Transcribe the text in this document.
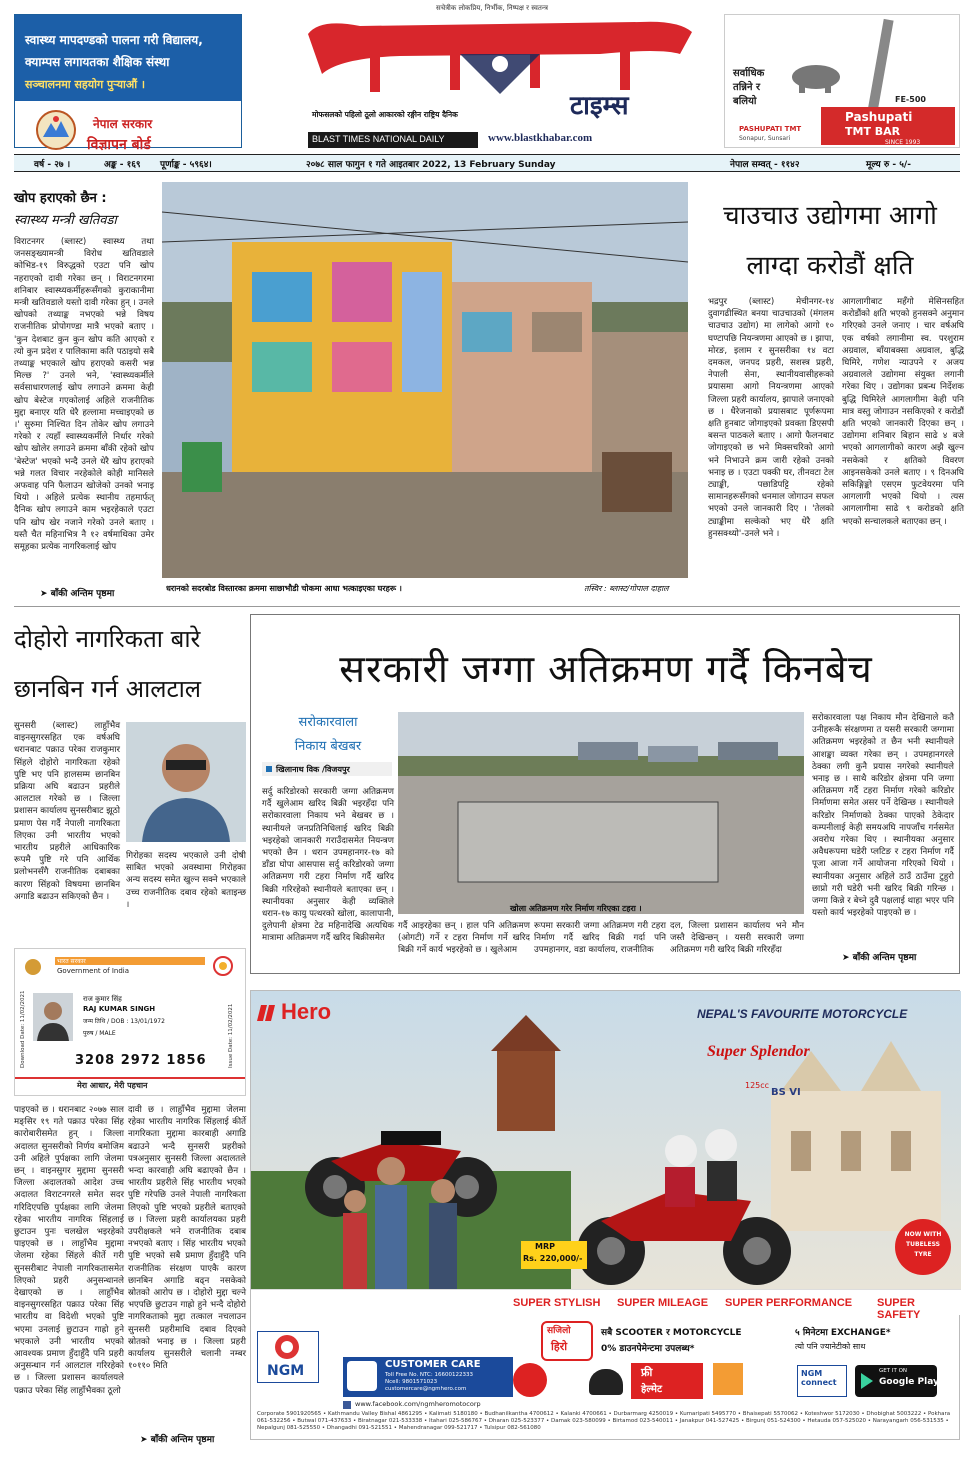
स्वास्थ्य मापदण्डको पालना गरी विद्यालय,
क्याम्पस लगायतका शैक्षिक संस्था
सञ्चालनमा सहयोग पुऱ्याऔं ।
नेपाल सरकार
विज्ञापन बोर्ड
सचेत्रीक लोकप्रिय, निर्भीक, निष्पक्ष र स्वतन्त्र
टाइम्स
मोफसलको पहिलो ठूलो आकारको रङ्गीन राष्ट्रिय दैनिक
BLAST TIMES NATIONAL DAILY	www.blastkhabar.com
सर्वाधिक
तन्निने र
बलियो	FE-500
PASHUPATI TMT
Sonapur, Sunsari
Pashupati
TMT BAR
SINCE 1993
वर्ष - २७ ।	अङ्क - १६९ पूर्णाङ्क - ५९६४।	२०७८ साल फागुन १ गते आइतबार 2022, 13 February Sunday	नेपाल सम्वत् - ११४२	मूल्य रु - ५/-
खोप हराएको छैन :
स्वास्थ्य मन्त्री खतिवडा
विराटनगर (ब्लास्ट) स्वास्थ्य तथा जनसङ्ख्यामन्त्री विरोध खतिवडाले कोभिड-१९ विरुद्धको एउटा पनि खोप नहराएको दावी गरेका छन् । विराटनगरमा शनिबार स्वास्थ्यकर्मीहरूसँगको कुराकानीमा मन्त्री खतिवडाले यस्तो दावी गरेका हुन् । उनले खोपको तथ्याङ्क नभएको भन्ने विषय राजनीतिक प्रोपोगण्डा मात्रै भएको बताए । 'कुन देशबाट कुन कुन खोप कति आएको र त्यो कुन प्रदेश र पालिकामा कति पठाइयो सबै तथ्याङ्क भएकाले खोप हराएको कसरी भन्न मिल्छ ?' उनले भने, 'स्वास्थ्यकर्मीले सर्वसाधारणलाई खोप लगाउने क्रममा केही खोप बेस्टेज गएकोलाई अहिले राजनीतिक मुद्दा बनाएर यति धेरै हल्लामा मच्चाइएको छ ।' सुरुमा निश्चित दिन तोकेर खोप लगाउने गरेको र त्यहाँ स्वास्थ्यकर्मीले निर्धार गरेको खोप खोलेर लगाउने क्रममा बाँकी रहेको खोप 'बेस्टेज' भएको भन्दै उनले धेरै खोप हराएको भन्ने गलत विचार नरहेकोले कोही मानिसले अफवाह पनि फैलाउन खोजेको उनको भनाइ थियो । अहिले प्रत्येक स्थानीय तहमार्फत् दैनिक खोप लगाउने काम भइरहेकाले एउटा पनि खोप खेर नजाने गरेको उनले बताए । यस्तै चैत महिनाभित्र नै १२ वर्षमाथिका उमेर समूहका प्रत्येक नागरिकलाई खोप
➤ बाँकी अन्तिम पृष्ठमा
धरानको सदरबोड विस्तारका क्रममा साछाभौडी चोकमा आधा भत्काइएका घरहरू ।	तस्विर : ब्लास्ट/गोपाल दाहाल
चाउचाउ उद्योगमा आगो
लाग्दा करोडौं क्षति
भद्रपुर (ब्लास्ट) मेचीनगर-१४ दुवागढीस्थित बनया चाउचाउको (मंगलम चाउचाउ उद्योग) मा लागेको आगो १० घण्टापछि नियन्त्रणमा आएको छ । झापा, मोरङ, इलाम र सुनसरीका १४ वटा दमकल, जनपद प्रहरी, सशस्त्र प्रहरी, नेपाली सेना, स्थानीयवासीहरूको प्रयासमा आगो नियन्त्रणमा आएको जिल्ला प्रहरी कार्यालय, झापाले जनाएको छ । धैरेजनाको प्रयासबाट पूर्णरूपमा क्षति हुनबाट जोगाइएको प्रवक्ता डिएसपी बसन्त पाठकले बताए । आगो फैलनबाट जोगाइएको छ भने मिक्सचरिको आगो भने निभाउने क्रम जारी रहेको उनको भनाइ छ । एउटा पक्की घर, तीनवटा टेल ट्याङ्की, पछाडिपट्टि रहेको सामानहरूसँगको धनमाल जोगाउन सफल भएको उनले जानकारी दिए । 'तेलको ट्याङ्कीमा सल्केको भए धेरै क्षति हुनसक्थ्यो'-उनले भने ।
आगलागीबाट महँगो मेसिनसहित करोडौंको क्षति भएको हुनसक्ने अनुमान गरिएको उनले जनाए । चार वर्षअघि एक वर्षको लगानीमा स्व. परशुराम अग्रवाल, बाँयाबक्सा अग्रवाल, बुद्धि घिमिरे, गणेश न्याउपने र अजय अग्रवालले उद्योगमा संयुक्त लगानी गरेका थिए । उद्योगका प्रबन्ध निर्देशक बुद्धि घिमिरेले आगलागीमा केही पनि मात्र वस्तु जोगाउन नसकिएको र करोडौं क्षति भएको जानकारी दिएका छन् । उद्योगमा शनिबार बिहान साढे ४ बजे भएको आगलागीको कारण अझै खुल्न नसकेको र क्षतिको विवरण आइनसकेको उनले बताए । ९ दिनअघि सकिङ्गिङ्को एसएम फुटवेयरमा पनि आगलागी भएको थियो । त्यस आगलागीमा साढे ९ करोडको क्षति भएको सन्चालकले बताएका छन् ।
दोहोरो नागरिकता बारे
छानबिन गर्न आलटाल
सुनसरी (ब्लास्ट) लाहुाँभैव वाइनसुगरसहित एक वर्षअघि धरानबाट पक्राउ परेका राजकुमार सिंहले दोहोरो नागरिकता रहेको पुष्टि भए पनि हालसम्म छानबिन प्रक्रिया अघि बढाउन प्रहरीले आलटाल गरेको छ । जिल्ला प्रशासन कार्यालय सुनसरीबाट झूठो प्रमाण पेस गर्दै नेपाली नागरिकता लिएका उनी भारतीय भएको भारतीय प्रहरीले आधिकारिक रूपमै पुष्टि गरे पनि आर्थिक प्रलोभनसँगै राजनीतिक दबाबका कारण सिंहको विषयमा छानबिन अगाडि बढाउन सकिएको छैन ।
गिरोहका सदस्य भएकाले उनी दोषी साबित भएको अवस्थामा गिरोहका अन्य सदस्य समेत खुल्न सक्ने भएकाले उच्च राजनीतिक दबाव रहेको बताइन्छ ।
भारत सरकार
Government of India
Download Date: 11/02/2021	राज कुमार सिंह
RAJ KUMAR SINGH
जन्म तिथि / DOB : 13/01/1972
पुरुष / MALE	Issue Date: 11/02/2021
3208 2972 1856
मेरा आधार, मेरी पहचान
पाइएको छ । धरानबाट २०७७ साल मङ्सिर १९ गते पक्राउ परेका सिंह कारोबारीसमेत हुन् । जिल्ला अदालत सुनसरीको निर्णय बमोजिम उनी अहिले पुर्पक्षका लागि जेलमा छन् । वाइनसुगर मुद्दामा सुनसरी जिल्ला अदालतको आदेश उच्च अदालत विराटनगरले समेत सदर गरिदिएपछि पुर्पक्षका लागि जेलमा रहेका भारतीय नागरिक सिंहलाई छुटाउन पुनः चलखेल भइरहेको पाइएको छ । लाहुाँभैव मुद्दामा जेलमा रहेका सिंहले कीर्ते गरी सुनसरीबाट नेपाली नागरिकतासमेत लिएको प्रहरी अनुसन्धानले देखाएको छ । लाहुाँभैव वाइनसुगरसहित पक्राउ परेका सिंह भारतीय वा विदेशी भएको पुष्टि भएमा उनलाई छुटाउन गाह्रो हुने भएकाले उनी भारतीय भएको आवश्यक प्रमाण हुँदाहुँदै पनि प्रहरी अनुसन्धान गर्न आलटाल गरिरहेको छ । जिल्ला प्रशासन कार्यालयले पक्राउ परेका सिंह लाहुाँभैवका ठूलो
दावी छ । लाहुाँभैव मुद्दामा जेलमा रहेका भारतीय नागरिक सिंहलाई कीर्ते नागरिकता मुद्दामा कारबाही अगाडि बढाउने भन्दै सुनसरी प्रहरीको पत्रअनुसार सुनसरी जिल्ला अदालतले भन्दा कारवाही अघि बढाएको छैन । भारतीय प्रहरीले सिंह भारतीय भएको पुष्टि गरेपछि उनले नेपाली नागरिकता लिएको पुष्टि भएको प्रहरीले बताएको छ । जिल्ला प्रहरी कार्यालयका प्रहरी उपरीक्षकले भने राजनीतिक दबाब नभएको बताए । सिंह भारतीय भएको पुष्टि भएको सबै प्रमाण हुँदाहुँदै पनि राजनीतिक संरक्षण पाएकै कारण छानबिन अगाडि बढ्न नसकेको स्रोतको आरोप छ । दोहोरो मुद्दा चल्ने भएपछि छुटाउन गाह्रो हुने भन्दै दोहोरो नागरिकताको मुद्दा तत्काल नचलाउन सुनसरी प्रहरीमाथि दबाव दिएको स्रोतको भनाइ छ । जिल्ला प्रहरी कार्यालय सुनसरीले चलानी नम्बर १०११० मिति
➤ बाँकी अन्तिम पृष्ठमा
सरकारी जग्गा अतिक्रमण गर्दै किनबेच
सरोकारवाला
निकाय बेखबर
खिलानाथ विक /विजयपुर
सर्दु करिडोरको सरकारी जग्गा अतिक्रमण गर्दै खुलेआम खरिद बिक्री भइरहँदा पनि सरोकारवाला निकाय भने बेखबर छ । स्थानीयले जनप्रतिनिधिलाई खरिद बिक्री भइरहेको जानकारी गराउँदासमेत नियन्त्रण भएको छैन । धरान उपमहानगर-१७ को डाँडा घोपा आसपास सर्दु करिडोरको जग्गा अतिक्रमण गरी टहरा निर्माण गर्दै खरिद बिक्री गरिरहेको स्थानीयले बताएका छन् । स्थानीयका अनुसार केही व्यक्तिले धरान-१७ कायु पत्थरको खोला, कालापानी, दुलेपानी क्षेत्रमा टेढ महिनादेखि अत्यधिक मात्रामा अतिक्रमण गर्दै खरिद बिक्रीसमेत
खोला अतिक्रमण गरेर निर्माण गरिएका टहरा ।
गर्दै आइरहेका छन् । हाल पनि अतिक्रमण (ओगटी) गर्ने र टहरा निर्माण गर्ने खरिद बिक्री गर्ने कार्य भइरहेको छ । खुलेआम
रूपमा सरकारी जग्गा अतिक्रमण गरी टहरा निर्माण गर्दै खरिद बिक्री गर्दा पनि उपमहानगर, वडा कार्यालय, राजनीतिक
दल, जिल्ला प्रशासन कार्यालय भने मौन जस्तै देखिन्छन् । यसरी सरकारी जग्गा अतिक्रमण गरी खरिद बिक्री गरिरहँदा
सरोकारवाला पक्ष निकाय मौन देखिनाले कतै उनीहरूकै संरक्षणमा त यसरी सरकारी जग्गामा अतिक्रमण भइरहेको त छैन भनी स्थानीयले आशङ्का व्यक्त गरेका छन् । उपमहानगरले ठेक्का लगी कुनै प्रयास नगरेको स्थानीयले भनाइ छ । साथै करिडोर क्षेत्रमा पनि जग्गा अतिक्रमण गर्दै टहरा निर्माण गरेको करिडोर निर्माणमा समेत असर पर्ने देखिन्छ । स्थानीयले करिडोर निर्माणको ठेक्का पाएको ठेकेदार कम्पनीलाई केही समयअघि नापजाँच गर्नसमेत अवरोध गरेका थिए । स्थानीयका अनुसार अवैधरूपमा घडेरी प्लटिङ र टहरा निर्माण गर्दै पूजा आजा गर्ने आयोजना गरिएको थियो । स्थानीयका अनुसार अहिले ठाउँ ठाउँमा टुहुरो छाप्रो गरी घडेरी भनी खरिद बिक्री गरिन्छ । जग्गा किन्ने र बेच्ने दुवै पक्षलाई थाहा भएर पनि यस्तो कार्य भइरहेको पाइएको छ ।
➤ बाँकी अन्तिम पृष्ठमा
Hero	NEPAL'S FAVOURITE MOTORCYCLE
Super Splendor
125cc
BS VI
MRP
Rs. 220,000/-
NOW WITH
TUBELESS
TYRE
SUPER STYLISH SUPER MILEAGE SUPER PERFORMANCE SUPER SAFETY
सजिलो
हिरो
सबै SCOOTER र MOTORCYCLE
0% डाउनपेमेन्टमा उपलब्ध*
५ मिनेटमा EXCHANGE*
त्यो पनि ज्यानेटीको साथ
NGM	CUSTOMER CARE
Toll Free No. NTC: 16600122333
Ncell: 9801571023
customercare@ngmhero.com
www.facebook.com/ngmheromotocorp
फ्री
हेल्मेट
NGM connect
GET IT ON
Google Play
Corporate 5901920565 • Kathmandu Valley Bishal 4861295 • Kalimati 5180180 • Budhanilkantha 4700612 • Kalanki 4700661 • Durbarmarg 4250019 • Kumaripati 5495770 • Bhaisepati 5570062 • Koteshwor 5172030 • Dhobighat 5003222 • Pokhara 061-532256 • Butwal 071-437633 • Biratnagar 021-533338 • Itahari 025-586767 • Dharan 025-523377 • Damak 023-580099 • Birtamod 023-540011 • Janakpur 041-527425 • Birgunj 051-524300 • Hetauda 057-525020 • Narayangarh 056-531535 • Nepalgunj 081-525550 • Dhangadhi 091-521551 • Mahendranagar 099-521717 • Tulsipur 082-561080
